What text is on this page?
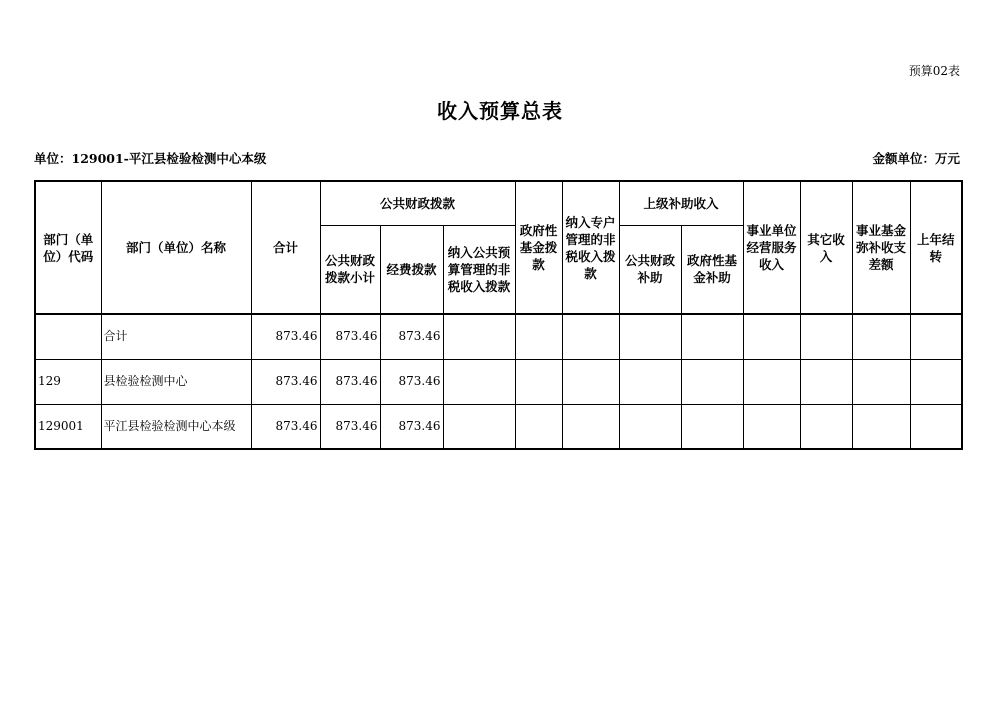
预算02表
收入预算总表
单位：129001-平江县检验检测中心本级	金额单位：万元
部门（单位）代码	部门（单位）名称	合计	公共财政拨款			政府性基金拨款	纳入专户管理的非税收入拨款	上级补助收入		事业单位经营服务收入	其它收入	事业基金弥补收支差额	上年结转
			公共财政拨款小计	经费拨款	纳入公共预算管理的非税收入拨款			公共财政补助	政府性基金补助				
	合计	873.46	873.46	873.46									
129	县检验检测中心	873.46	873.46	873.46									
129001	平江县检验检测中心本级	873.46	873.46	873.46									
